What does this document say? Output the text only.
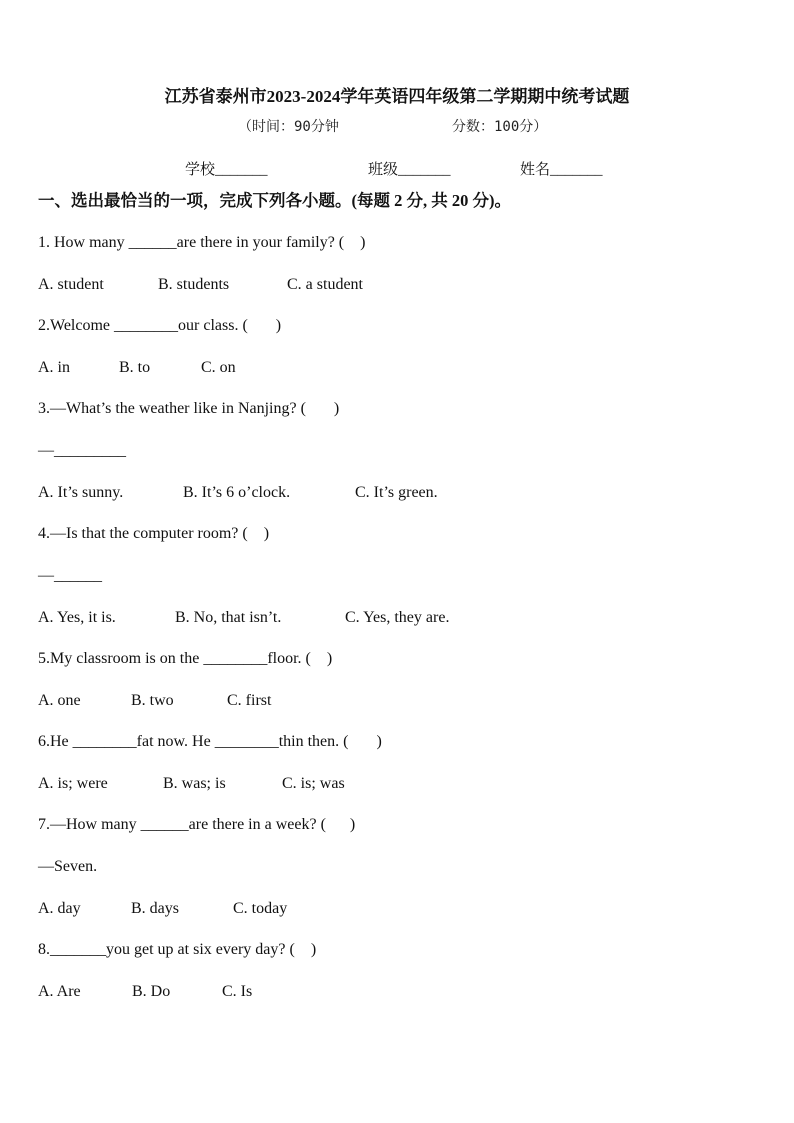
江苏省泰州市2023-2024学年英语四年级第二学期期中统考试题
（时间：90分钟	分数：100分）
学校_______	班级_______	姓名_______
一、选出最恰当的一项，完成下列各小题。(每题 2 分, 共 20 分)。
1. How many ______are there in your family? (    )
A. student	B. students	C. a student
2.Welcome ________our class. (       )
A. in	B. to	C. on
3.—What’s the weather like in Nanjing? (       )
—_________
A. It’s sunny.	B. It’s 6 o’clock.	C. It’s green.
4.—Is that the computer room? (    )
—______
A. Yes, it is.	B. No, that isn’t.	C. Yes, they are.
5.My classroom is on the ________floor. (    )
A. one	B. two	C. first
6.He ________fat now. He ________thin then. (       )
A. is; were	B. was; is	C. is; was
7.—How many ______are there in a week? (      )
—Seven.
A. day	B. days	C. today
8._______you get up at six every day? (    )
A. Are	B. Do	C. Is
